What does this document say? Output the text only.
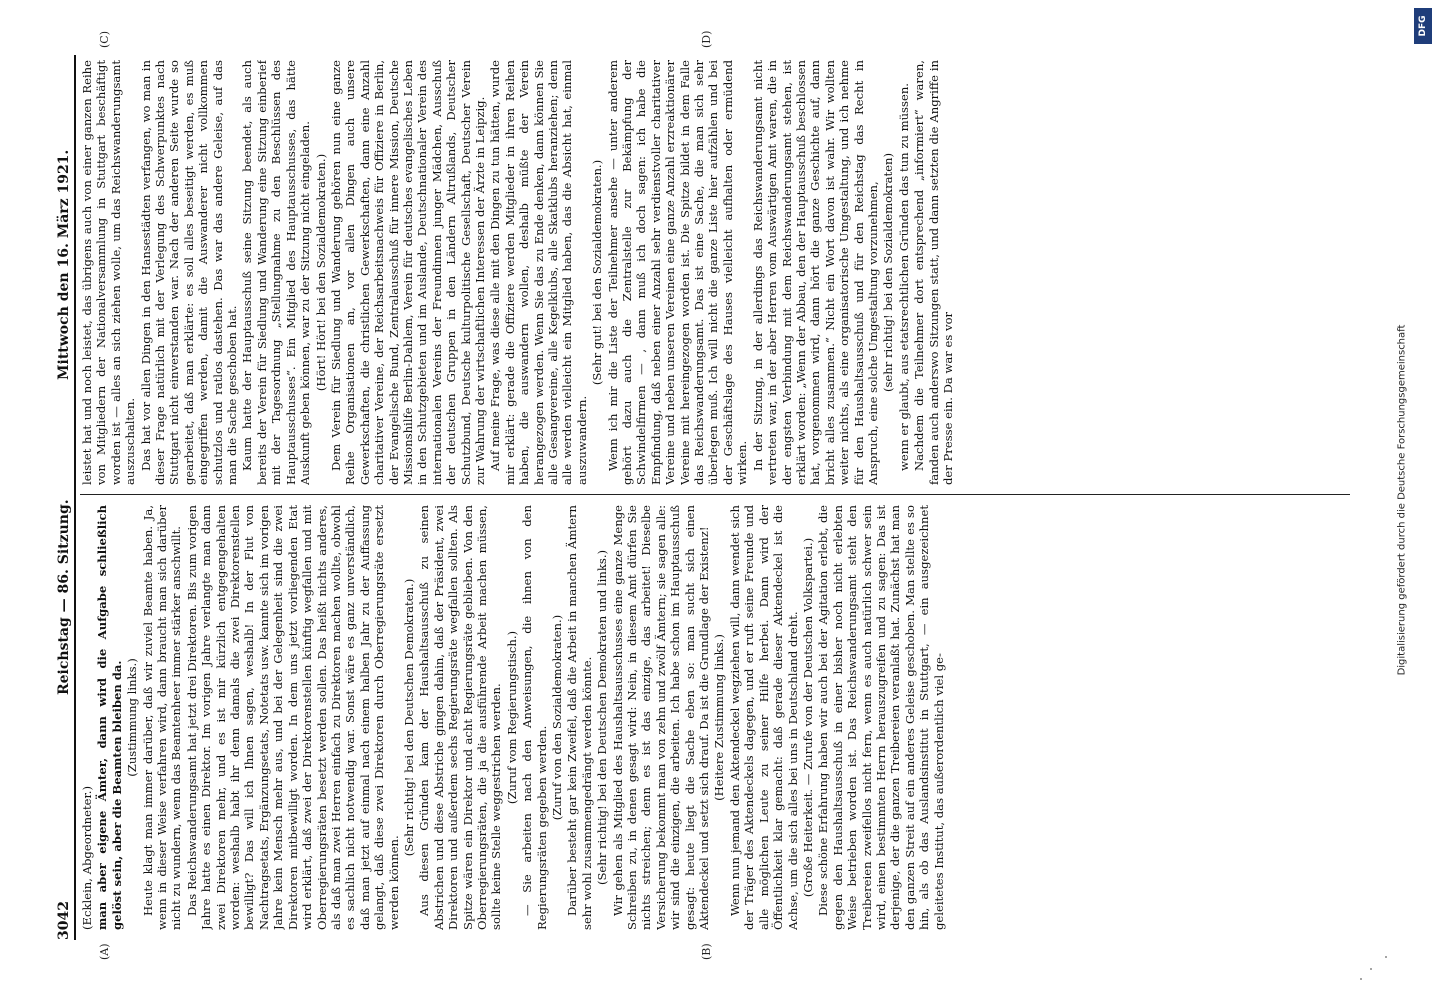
3042
Reichstag — 86. Sitzung.
Mittwoch den 16. März 1921.
(A)	(B)
(C)	(D)

(Ecklein, Abgeordneter.) man aber eigene Ämter, dann wird die Aufgabe schließlich gelöst sein, aber die Beamten bleiben da. (Zustimmung links.) Heute klagt man immer darüber, daß wir zuviel Beamte haben. Ja, wenn in dieser Weise verfahren wird, dann braucht man sich darüber nicht zu wundern, wenn das Beamtenheer immer stärker anschwillt. Das Reichswanderungsamt hat jetzt drei Direktoren. Bis zum vorigen Jahre hatte es einen Direktor. Im vorigen Jahre verlangte man dann zwei Direktoren mehr, und es ist mir kürzlich entgegengehalten worden: weshalb habt ihr denn damals die zwei Direktorenstellen bewilligt? Das will ich Ihnen sagen, weshalb! In der Flut von Nachtragsetats, Ergänzungsetats, Notetats usw. kannte sich im vorigen Jahre kein Mensch mehr aus, und bei der Gelegenheit sind die zwei Direktoren mitbewilligt worden. In dem uns jetzt vorliegenden Etat wird erklärt, daß zwei der Direktorenstellen künftig wegfallen und mit Oberregierungsräten besetzt werden sollen. Das heißt nichts anderes, als daß man zwei Herren einfach zu Direktoren machen wollte, obwohl es sachlich nicht notwendig war. Sonst wäre es ganz unverständlich, daß man jetzt auf einmal nach einem halben Jahr zu der Auffassung gelangt, daß diese zwei Direktoren durch Oberregierungsräte ersetzt werden können.

(Sehr richtig! bei den Deutschen Demokraten.) Aus diesen Gründen kam der Haushaltsausschuß zu seinen Abstrichen und diese Abstriche gingen dahin, daß der Präsident, zwei Direktoren und außerdem sechs Regierungsräte wegfallen sollten. Als Spitze wären ein Direktor und acht Regierungsräte geblieben. Von den Oberregierungsräten, die ja die ausführende Arbeit machen müssen, sollte keine Stelle weggestrichen werden. (Zuruf vom Regierungstisch.) — Sie arbeiten nach den Anweisungen, die ihnen von den Regierungsräten gegeben werden.

(Zuruf von den Sozialdemokraten.) Darüber besteht gar kein Zweifel, daß die Arbeit in manchen Ämtern sehr wohl zusammengedrängt werden könnte. (Sehr richtig! bei den Deutschen Demokraten und links.) Wir gehen als Mitglied des Haushaltsausschusses eine ganze Menge Schreiben zu, in denen gesagt wird: Nein, in diesem Amt dürfen Sie nichts streichen; denn es ist das einzige, das arbeitet! Dieselbe Versicherung bekommt man von zehn und zwölf Ämtern; sie sagen alle: wir sind die einzigen, die arbeiten. Ich habe schon im Hauptausschuß gesagt: heute liegt die Sache eben so: man sucht sich einen Aktendeckel und setzt sich drauf. Da ist die Grundlage der Existenz! (Heitere Zustimmung links.) Wenn nun jemand den Aktendeckel wegziehen will, dann wendet sich der Träger des Aktendeckels dagegen, und er ruft seine Freunde und alle möglichen Leute zu seiner Hilfe herbei. Dann wird der Öffentlichkeit klar gemacht: daß gerade dieser Aktendeckel ist die Achse, um die sich alles bei uns in Deutschland dreht. (Große Heiterkeit. — Zurufe von der Deutschen Volkspartei.) Diese schöne Erfahrung haben wir auch bei der Agitation erlebt, die gegen den Haushaltsausschuß in einer bisher noch nicht erlebten Weise betrieben worden ist. Das Reichswanderungsamt steht den Treibereien zweifellos nicht fern, wenn es auch natürlich schwer sein wird, einen bestimmten Herrn herauszugreifen und zu sagen: Das ist derjenige, der die ganzen Treibereien veranlaßt hat. Zunächst hat man den ganzen Streit auf ein anderes Geleise geschoben. Man stellte es so hin, als ob das Auslandsinstitut in Stuttgart, — ein ausgezeichnet geleitetes Institut, das außerordentlich viel ge-

leistet hat und noch leistet, das übrigens auch von einer ganzen Reihe von Mitgliedern der Nationalversammlung in Stuttgart beschäftigt worden ist — alles an sich ziehen wolle, um das Reichswanderungsamt auszuschalten. Das hat vor allen Dingen in den Hansestädten verfangen, wo man in dieser Frage natürlich mit der Verlegung des Schwerpunktes nach Stuttgart nicht einverstanden war. Nach der anderen Seite wurde so gearbeitet, daß man erklärte: es soll alles beseitigt werden, es muß eingegriffen werden, damit die Auswanderer nicht vollkommen schutzlos und ratlos dastehen. Das war das andere Geleise, auf das man die Sache geschoben hat. Kaum hatte der Hauptausschuß seine Sitzung beendet, als auch bereits der Verein für Siedlung und Wanderung eine Sitzung einberief mit der Tagesordnung „Stellungnahme zu den Beschlüssen des Hauptausschusses“. Ein Mitglied des Hauptausschusses, das hätte Auskunft geben können, war zu der Sitzung nicht eingeladen. (Hört! Hört! bei den Sozialdemokraten.) Dem Verein für Siedlung und Wanderung gehören nun eine ganze Reihe Organisationen an, vor allen Dingen auch unsere Gewerkschaften, die christlichen Gewerkschaften, dann eine Anzahl charitativer Vereine, der Reichsarbeitsnachweis für Offiziere in Berlin, der Evangelische Bund, Zentralausschuß für innere Mission, Deutsche Missionshilfe Berlin-Dahlem, Verein für deutsches evangelisches Leben in den Schutzgebieten und im Auslande, Deutschnationaler Verein des internationalen Vereins der Freundinnen junger Mädchen, Ausschuß der deutschen Gruppen in den Ländern Altrußlands, Deutscher Schutzbund, Deutsche kulturpolitische Gesellschaft, Deutscher Verein zur Wahrung der wirtschaftlichen Interessen der Ärzte in Leipzig. Auf meine Frage, was diese alle mit den Dingen zu tun hätten, wurde mir erklärt: gerade die Offiziere werden Mitglieder in ihren Reihen haben, die auswandern wollen, deshalb müßte der Verein herangezogen werden. Wenn Sie das zu Ende denken, dann können Sie alle Gesangvereine, alle Kegelklubs, alle Skatklubs heranziehen; denn alle werden vielleicht ein Mitglied haben, das die Absicht hat, einmal auszuwandern.

(Sehr gut! bei den Sozialdemokraten.) Wenn ich mir die Liste der Teilnehmer ansehe — unter anderem gehört dazu auch die Zentralstelle zur Bekämpfung der Schwindelfirmen — , dann muß ich doch sagen: ich habe die Empfindung, daß neben einer Anzahl sehr verdienstvoller charitativer Vereine und neben unseren Vereinen eine ganze Anzahl erzreaktionärer Vereine mit hereingezogen worden ist. Die Spitze bildet in dem Falle das Reichswanderungsamt. Das ist eine Sache, die man sich sehr überlegen muß. Ich will nicht die ganze Liste hier aufzählen und bei der Geschäftslage des Hauses vielleicht aufhalten oder ermüdend wirken. In der Sitzung, in der allerdings das Reichswanderungsamt nicht vertreten war, in der aber Herren vom Auswärtigen Amt waren, die in der engsten Verbindung mit dem Reichswanderungsamt stehen, ist erklärt worden: „Wenn der Abbau, den der Hauptausschuß beschlossen hat, vorgenommen wird, dann hört die ganze Geschichte auf, dann bricht alles zusammen.“ Nicht ein Wort davon ist wahr. Wir wollten weiter nichts, als eine organisatorische Umgestaltung, und ich nehme für den Haushaltsausschuß und für den Reichstag das Recht in Anspruch, eine solche Umgestaltung vorzunehmen, (sehr richtig! bei den Sozialdemokraten) wenn er glaubt, aus etatsrechtlichen Gründen das tun zu müssen. Nachdem die Teilnehmer dort entsprechend „informiert“ waren, fanden auch anderswo Sitzungen statt, und dann setzten die Angriffe in der Presse ein. Da war es vor	Digitalisierung gefördert durch die Deutsche Forschungsgemeinschaft
DFG
